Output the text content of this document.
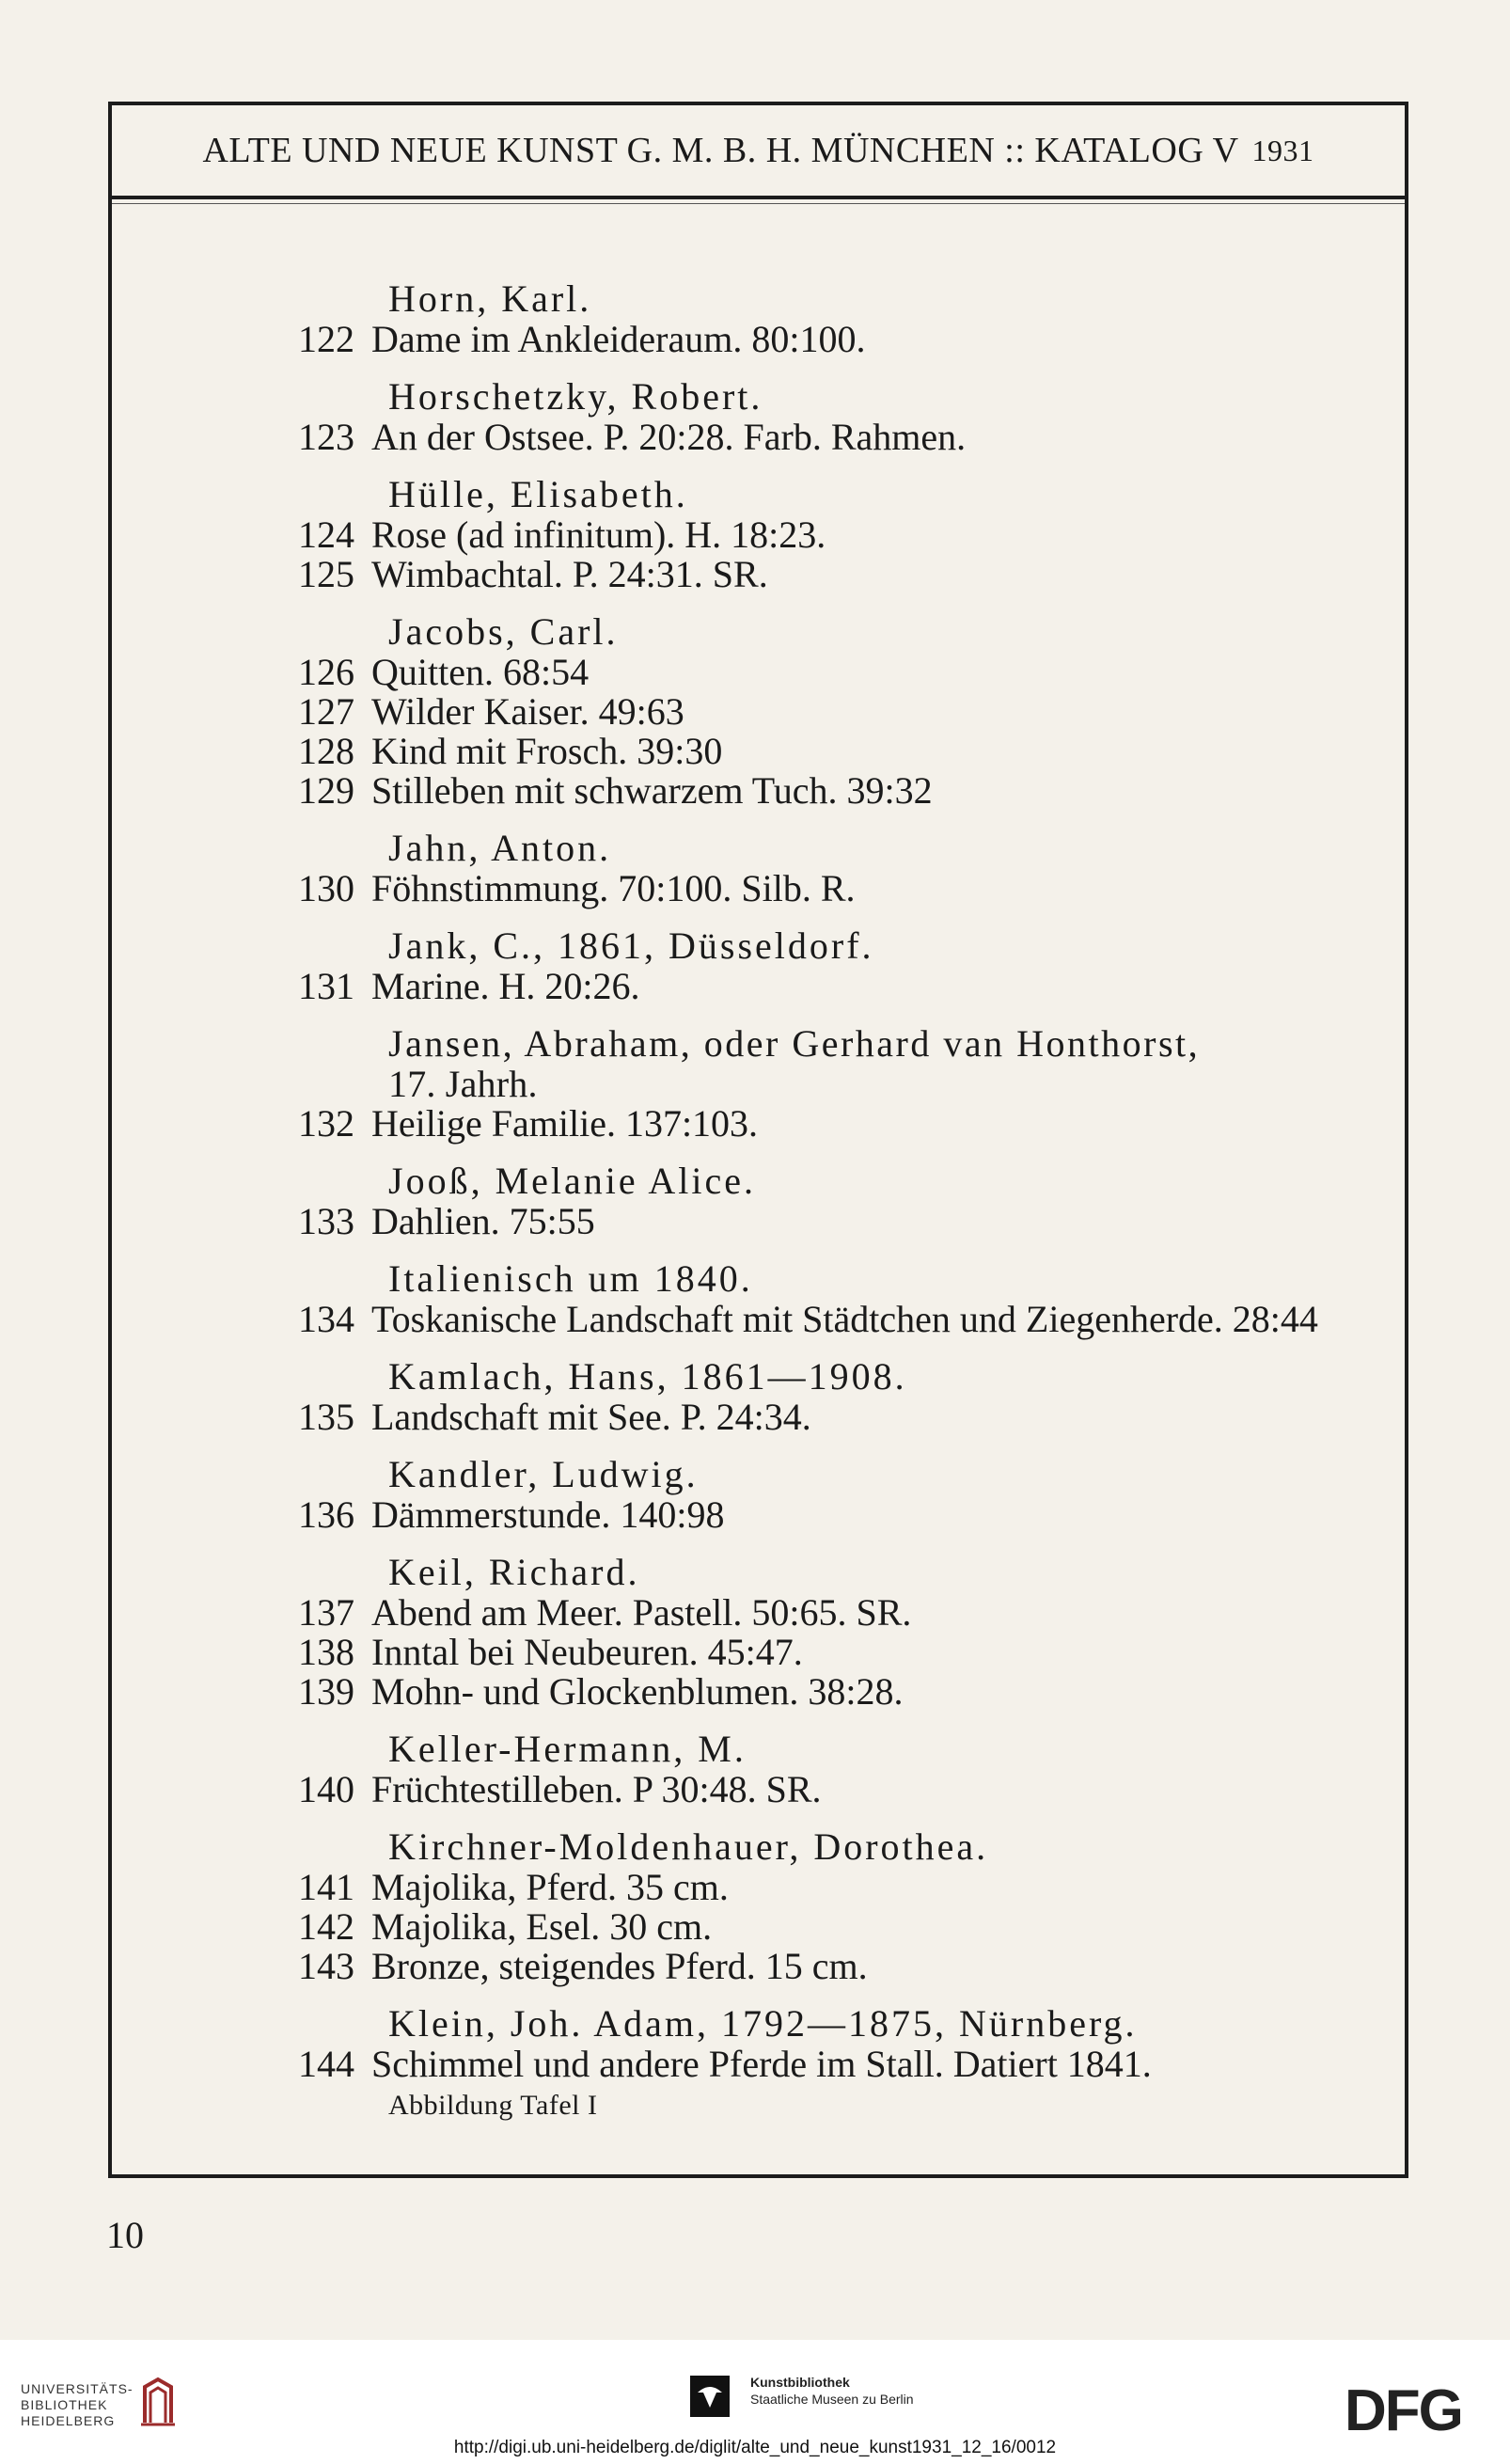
ALTE UND NEUE KUNST G. M. B. H. MÜNCHEN :: KATALOG V
1931
Horn, Karl.
122 Dame im Ankleideraum. 80:100.
Horschetzky, Robert.
123 An der Ostsee. P. 20:28. Farb. Rahmen.
Hülle, Elisabeth.
124 Rose (ad infinitum). H. 18:23.
125 Wimbachtal. P. 24:31. SR.
Jacobs, Carl.
126 Quitten. 68:54
127 Wilder Kaiser. 49:63
128 Kind mit Frosch. 39:30
129 Stilleben mit schwarzem Tuch. 39:32
Jahn, Anton.
130 Föhnstimmung. 70:100. Silb. R.
Jank, C., 1861, Düsseldorf.
131 Marine. H. 20:26.
Jansen, Abraham, oder Gerhard van Honthorst,
17. Jahrh.
132 Heilige Familie. 137:103.
Jooß, Melanie Alice.
133 Dahlien. 75:55
Italienisch um 1840.
134 Toskanische Landschaft mit Städtchen und Ziegenherde. 28:44
Kamlach, Hans, 1861—1908.
135 Landschaft mit See. P. 24:34.
Kandler, Ludwig.
136 Dämmerstunde. 140:98
Keil, Richard.
137 Abend am Meer. Pastell. 50:65. SR.
138 Inntal bei Neubeuren. 45:47.
139 Mohn- und Glockenblumen. 38:28.
Keller-Hermann, M.
140 Früchtestilleben. P 30:48. SR.
Kirchner-Moldenhauer, Dorothea.
141 Majolika, Pferd. 35 cm.
142 Majolika, Esel. 30 cm.
143 Bronze, steigendes Pferd. 15 cm.
Klein, Joh. Adam, 1792—1875, Nürnberg.
144 Schimmel und andere Pferde im Stall. Datiert 1841.
Abbildung Tafel I
10
UNIVERSITÄTS-
BIBLIOTHEK
HEIDELBERG
Kunstbibliothek
Staatliche Museen zu Berlin	DFG
http://digi.ub.uni-heidelberg.de/diglit/alte_und_neue_kunst1931_12_16/0012
